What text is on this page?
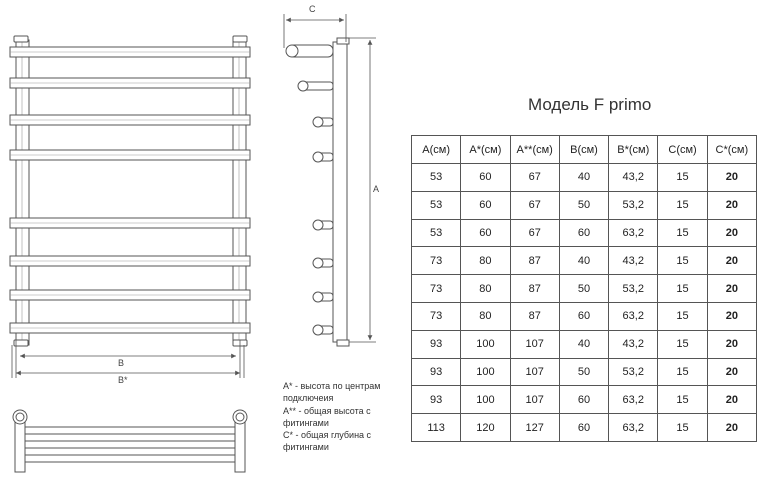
В
В*
С
А
Модель F primo
A(см)	A*(см)	A**(см)	B(см)	B*(см)	C(см)	C*(см)
53	60	67	40	43,2	15	20
53	60	67	50	53,2	15	20
53	60	67	60	63,2	15	20
73	80	87	40	43,2	15	20
73	80	87	50	53,2	15	20
73	80	87	60	63,2	15	20
93	100	107	40	43,2	15	20
93	100	107	50	53,2	15	20
93	100	107	60	63,2	15	20
113	120	127	60	63,2	15	20
А* - высота по центрам
подключеия
А** - общая высота с
фитингами
С* - общая глубина с
фитингами
